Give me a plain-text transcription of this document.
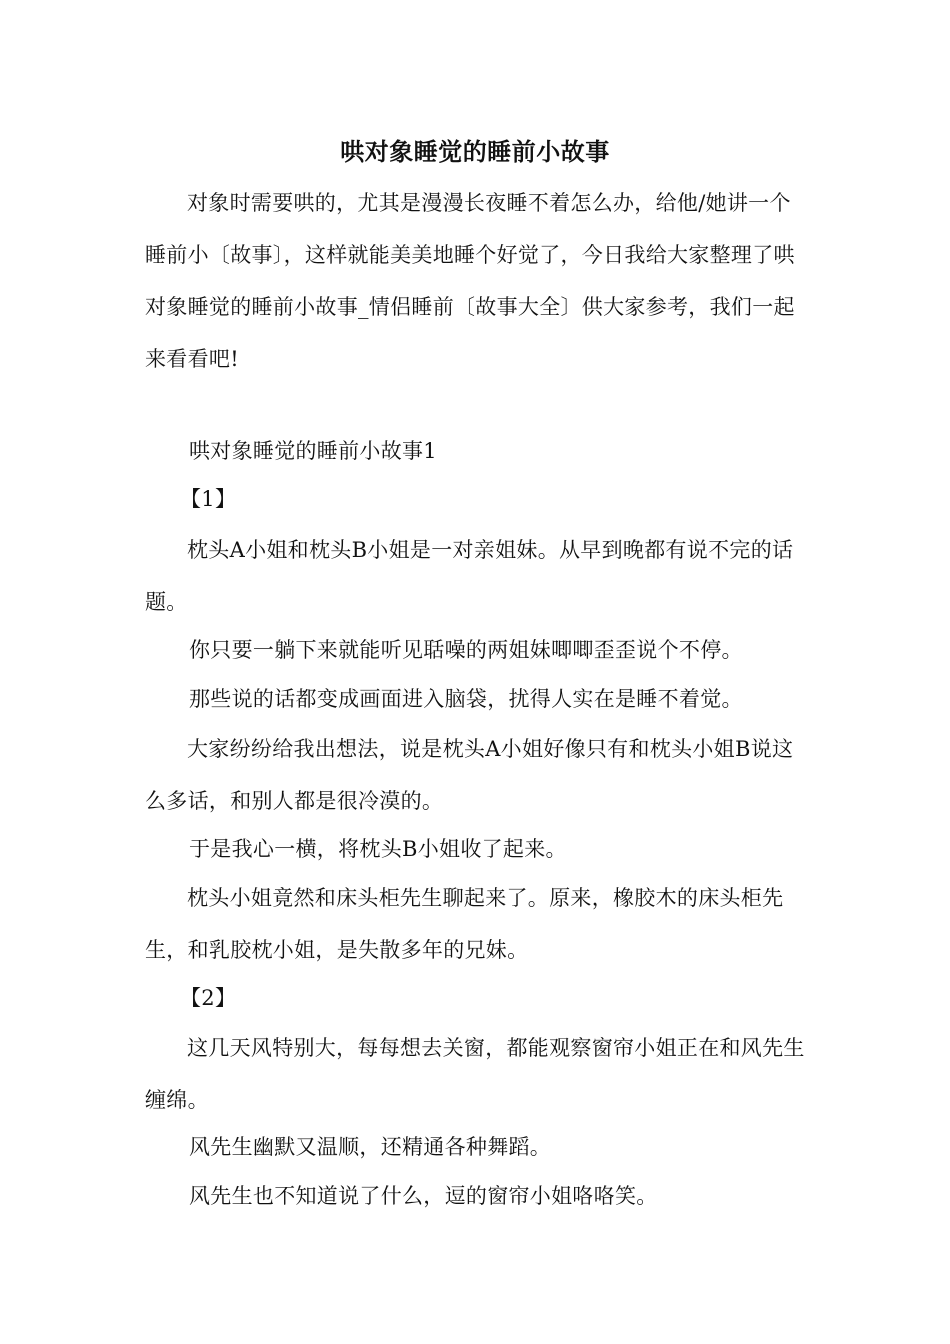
哄对象睡觉的睡前小故事
对象时需要哄的，尤其是漫漫长夜睡不着怎么办，给他/她讲一个睡前小〔故事〕，这样就能美美地睡个好觉了，今日我给大家整理了哄对象睡觉的睡前小故事_情侣睡前〔故事大全〕供大家参考，我们一起来看看吧!
哄对象睡觉的睡前小故事1
【1】
枕头A小姐和枕头B小姐是一对亲姐妹。从早到晚都有说不完的话题。
你只要一躺下来就能听见聒噪的两姐妹唧唧歪歪说个不停。
那些说的话都变成画面进入脑袋，扰得人实在是睡不着觉。
大家纷纷给我出想法，说是枕头A小姐好像只有和枕头小姐B说这么多话，和别人都是很冷漠的。
于是我心一横，将枕头B小姐收了起来。
枕头小姐竟然和床头柜先生聊起来了。原来，橡胶木的床头柜先生，和乳胶枕小姐，是失散多年的兄妹。
【2】
这几天风特别大，每每想去关窗，都能观察窗帘小姐正在和风先生缠绵。
风先生幽默又温顺，还精通各种舞蹈。
风先生也不知道说了什么，逗的窗帘小姐咯咯笑。
